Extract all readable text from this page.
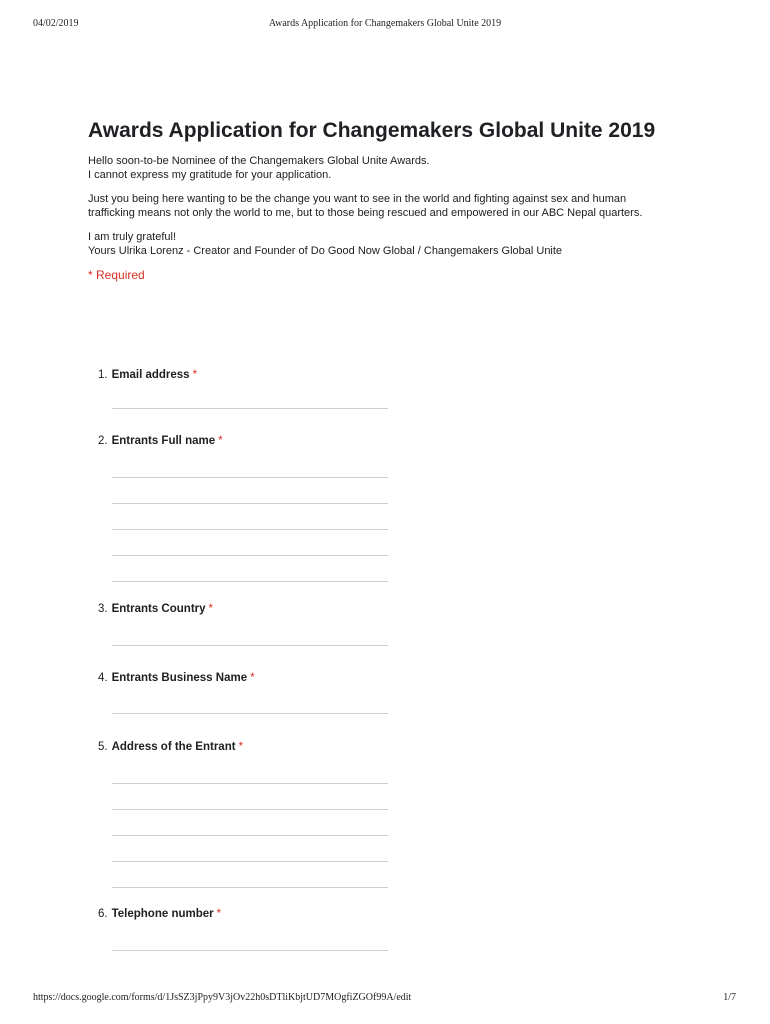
04/02/2019	Awards Application for Changemakers Global Unite 2019
Awards Application for Changemakers Global Unite 2019

Hello soon-to-be Nominee of the Changemakers Global Unite Awards.
I cannot express my gratitude for your application.

Just you being here wanting to be the change you want to see in the world and fighting against sex and human trafficking means not only the world to me, but to those being rescued and empowered in our ABC Nepal quarters.

I am truly grateful!
Yours Ulrika Lorenz - Creator and Founder of Do Good Now Global / Changemakers Global Unite

* Required
1. Email address *
2. Entrants Full name *
3. Entrants Country *
4. Entrants Business Name *
5. Address of the Entrant *
6. Telephone number *
https://docs.google.com/forms/d/1JsSZ3jPpy9V3jOv22h0sDTliKbjtUD7MOgfiZGOf99A/edit	1/7
